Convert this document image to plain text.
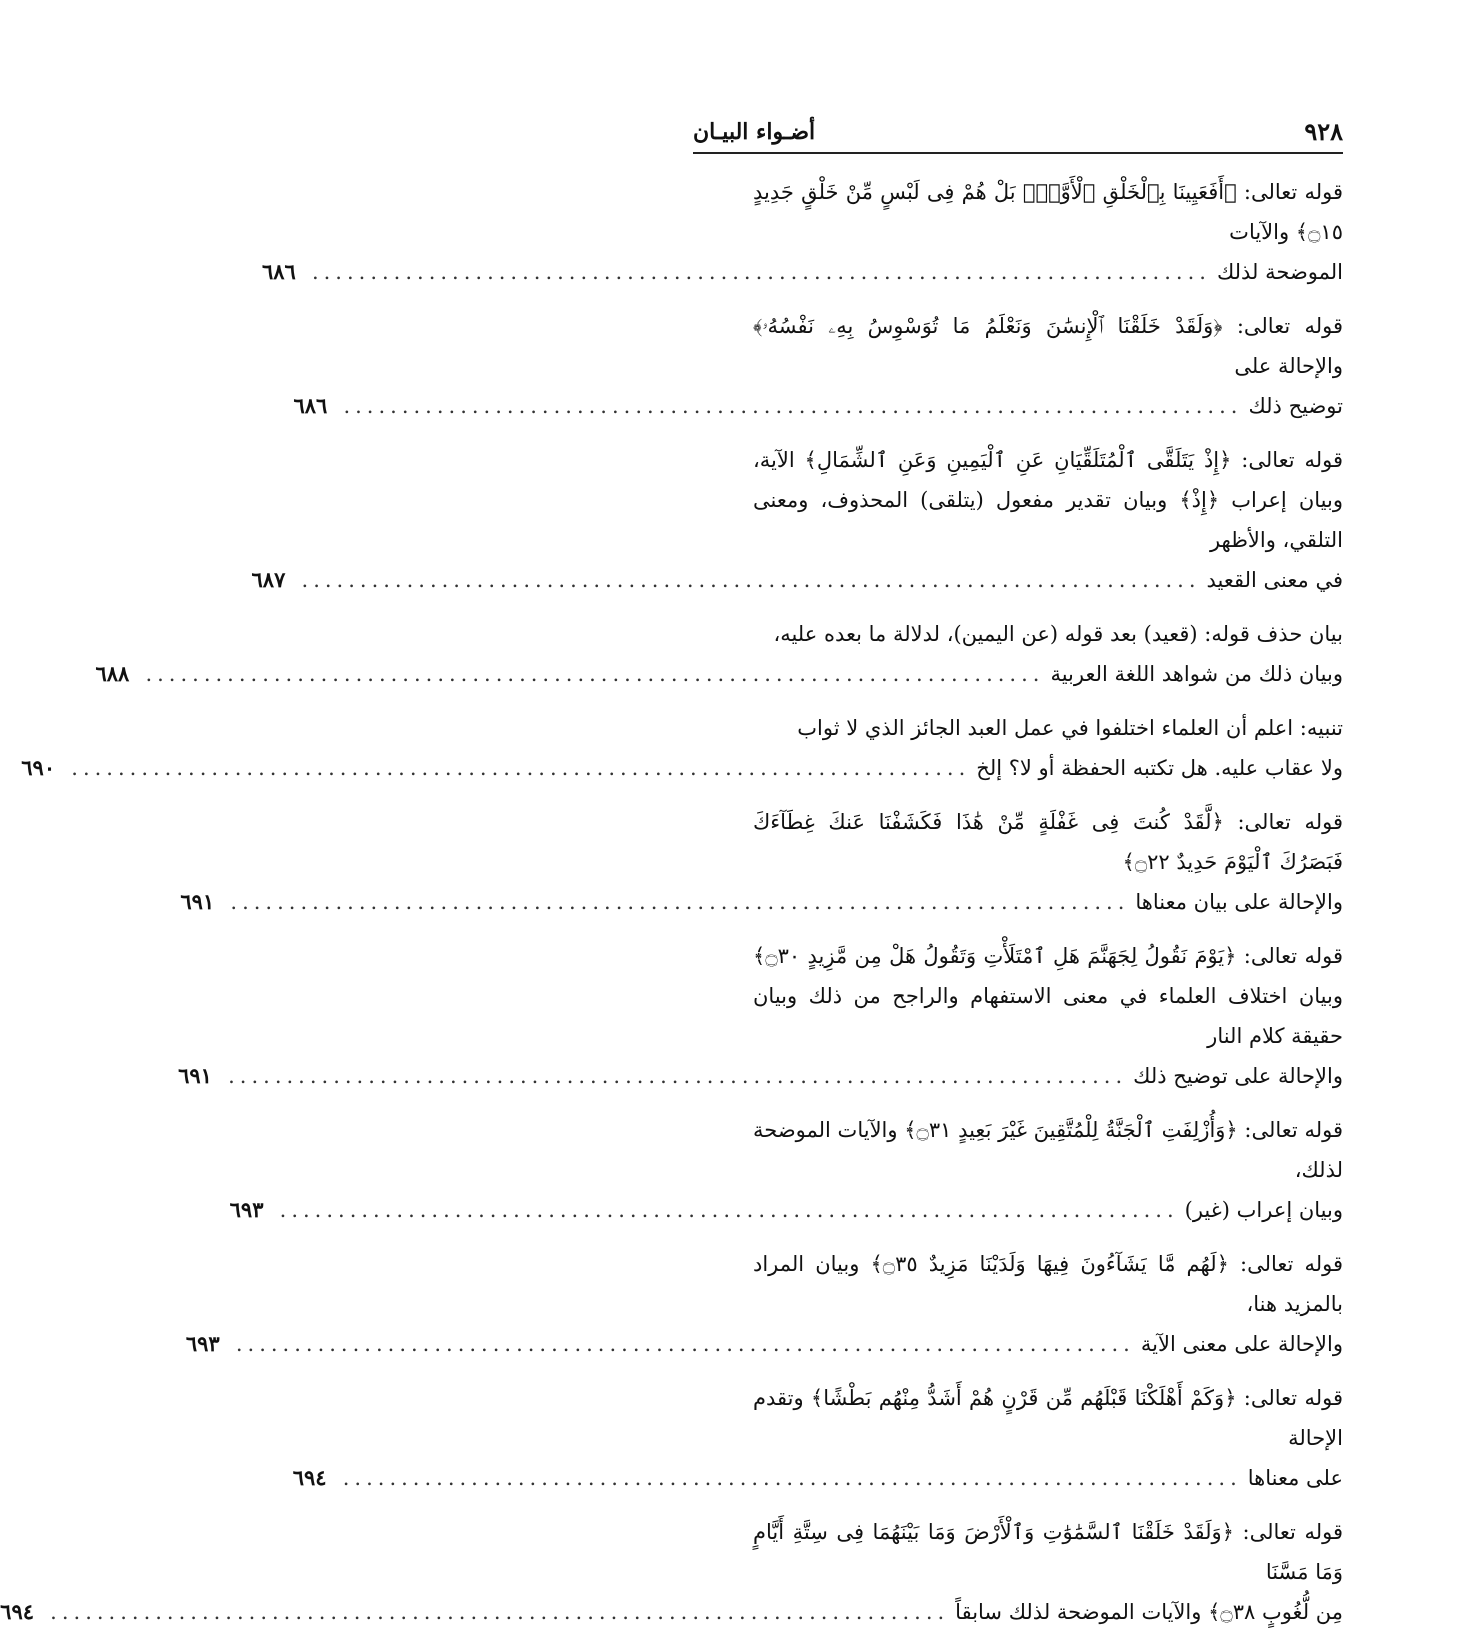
٩٢٨
أضـواء البيـان

قوله تعالى: ﴿أَفَعَيِينَا بِٱلْخَلْقِ ٱلْأَوَّلِۚ بَلْ هُمْ فِى لَبْسٍ مِّنْ خَلْقٍ جَدِيدٍ ۝١٥﴾ والآيات

الموضحة لذلك
.............................................................................
٦٨٦

قوله تعالى: ﴿وَلَقَدْ خَلَقْنَا ٱلْإِنسَٰنَ وَنَعْلَمُ مَا تُوَسْوِسُ بِهِۦ نَفْسُهُۥ﴾ والإحالة على

توضيح ذلك
.............................................................................
٦٨٦

قوله تعالى: ﴿إِذْ يَتَلَقَّى ٱلْمُتَلَقِّيَانِ عَنِ ٱلْيَمِينِ وَعَنِ ٱلشِّمَالِ﴾ الآية، وبيان إعراب ﴿إِذْ﴾ وبيان تقدير مفعول (يتلقى) المحذوف، ومعنى التلقي، والأظهر

في معنى القعيد
.............................................................................
٦٨٧

بيان حذف قوله: (قعيد) بعد قوله (عن اليمين)، لدلالة ما بعده عليه،

وبيان ذلك من شواهد اللغة العربية
.............................................................................
٦٨٨

تنبيه: اعلم أن العلماء اختلفوا في عمل العبد الجائز الذي لا ثواب

ولا عقاب عليه. هل تكتبه الحفظة أو لا؟ إلخ
.............................................................................
٦٩٠

قوله تعالى: ﴿لَّقَدْ كُنتَ فِى غَفْلَةٍ مِّنْ هَٰذَا فَكَشَفْنَا عَنكَ غِطَآءَكَ فَبَصَرُكَ ٱلْيَوْمَ حَدِيدٌ ۝٢٢﴾

والإحالة على بيان معناها
.............................................................................
٦٩١

قوله تعالى: ﴿يَوْمَ نَقُولُ لِجَهَنَّمَ هَلِ ٱمْتَلَأْتِ وَتَقُولُ هَلْ مِن مَّزِيدٍ ۝٣٠﴾ وبيان اختلاف العلماء في معنى الاستفهام والراجح من ذلك وبيان حقيقة كلام النار

والإحالة على توضيح ذلك
.............................................................................
٦٩١

قوله تعالى: ﴿وَأُزْلِفَتِ ٱلْجَنَّةُ لِلْمُتَّقِينَ غَيْرَ بَعِيدٍ ۝٣١﴾ والآيات الموضحة لذلك،

وبيان إعراب (غير)
.............................................................................
٦٩٣

قوله تعالى: ﴿لَهُم مَّا يَشَآءُونَ فِيهَا وَلَدَيْنَا مَزِيدٌ ۝٣٥﴾ وبيان المراد بالمزيد هنا،

والإحالة على معنى الآية
.............................................................................
٦٩٣

قوله تعالى: ﴿وَكَمْ أَهْلَكْنَا قَبْلَهُم مِّن قَرْنٍ هُمْ أَشَدُّ مِنْهُم بَطْشًا﴾ وتقدم الإحالة

على معناها
.............................................................................
٦٩٤

قوله تعالى: ﴿وَلَقَدْ خَلَقْنَا ٱلسَّمَٰوَٰتِ وَٱلْأَرْضَ وَمَا بَيْنَهُمَا فِى سِتَّةِ أَيَّامٍ وَمَا مَسَّنَا

مِن لُّغُوبٍ ۝٣٨﴾ والآيات الموضحة لذلك سابقاً
.............................................................................
٦٩٤
